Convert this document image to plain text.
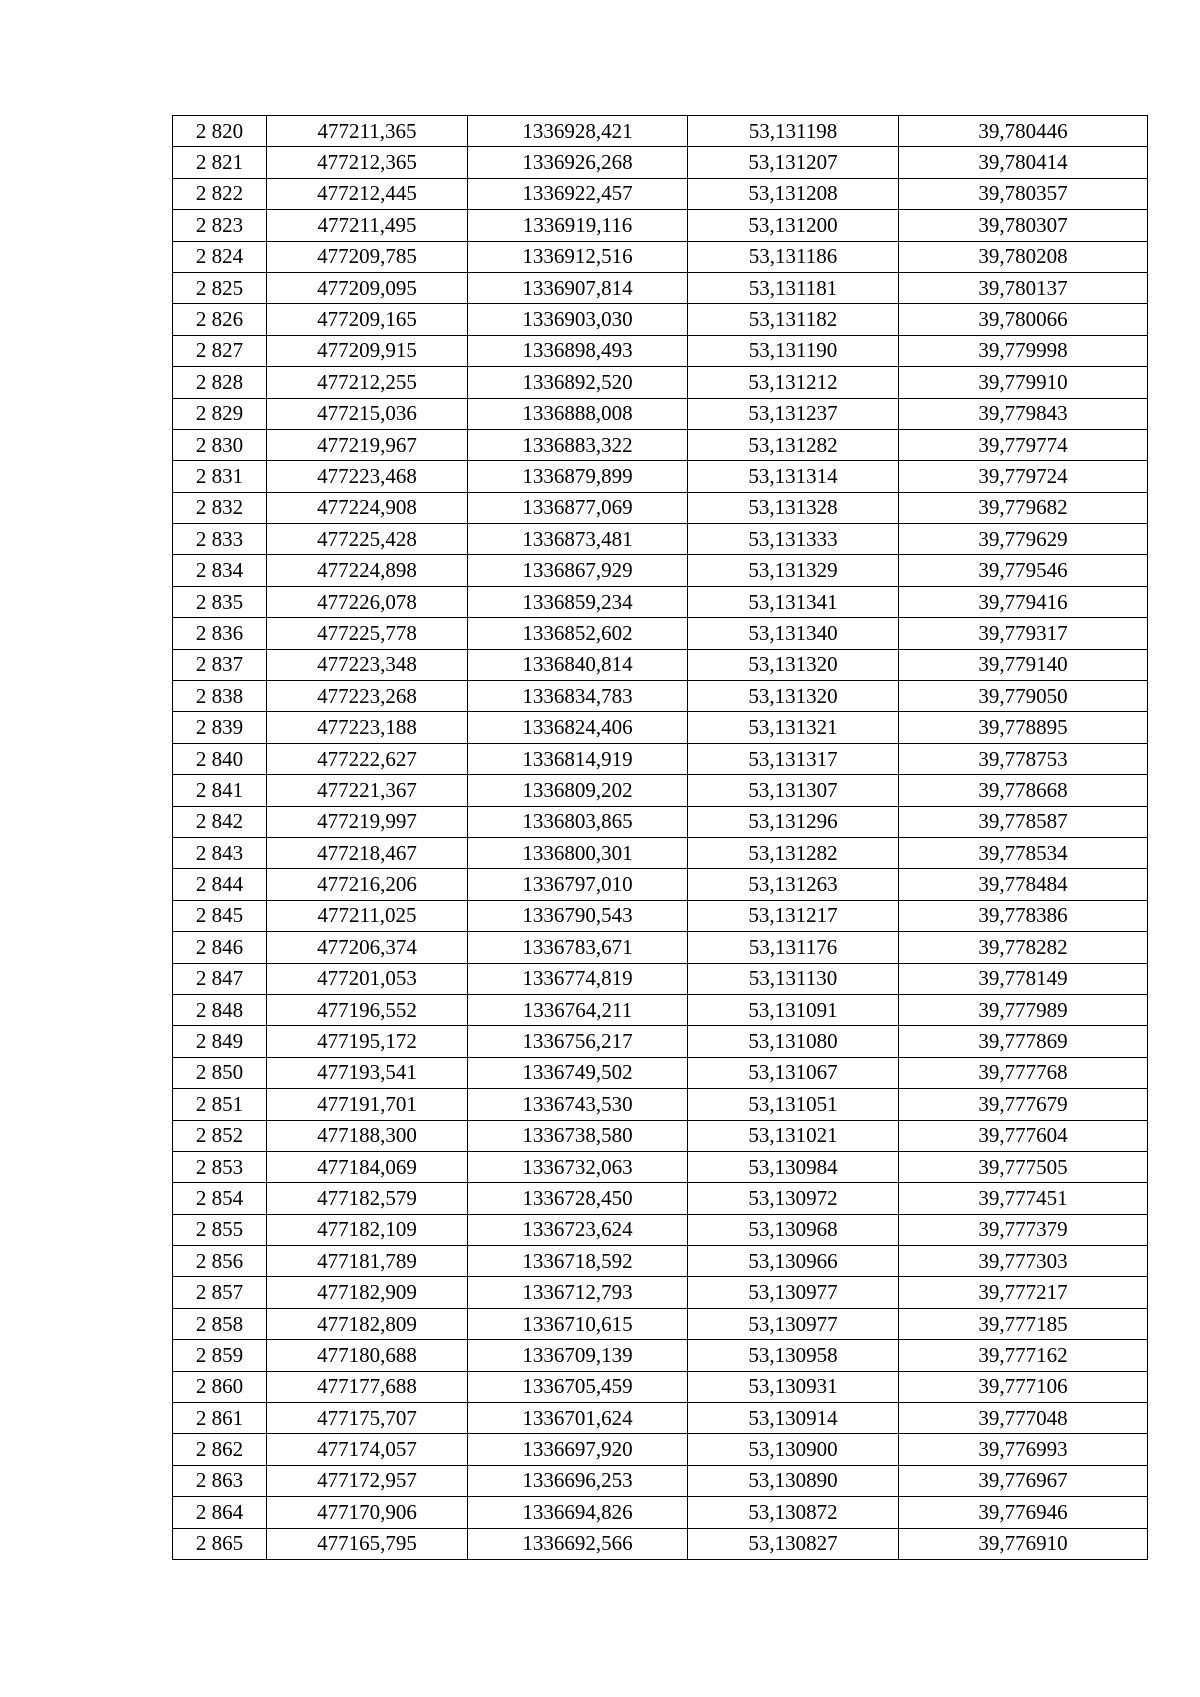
2 820	477211,365	1336928,421	53,131198	39,780446
2 821	477212,365	1336926,268	53,131207	39,780414
2 822	477212,445	1336922,457	53,131208	39,780357
2 823	477211,495	1336919,116	53,131200	39,780307
2 824	477209,785	1336912,516	53,131186	39,780208
2 825	477209,095	1336907,814	53,131181	39,780137
2 826	477209,165	1336903,030	53,131182	39,780066
2 827	477209,915	1336898,493	53,131190	39,779998
2 828	477212,255	1336892,520	53,131212	39,779910
2 829	477215,036	1336888,008	53,131237	39,779843
2 830	477219,967	1336883,322	53,131282	39,779774
2 831	477223,468	1336879,899	53,131314	39,779724
2 832	477224,908	1336877,069	53,131328	39,779682
2 833	477225,428	1336873,481	53,131333	39,779629
2 834	477224,898	1336867,929	53,131329	39,779546
2 835	477226,078	1336859,234	53,131341	39,779416
2 836	477225,778	1336852,602	53,131340	39,779317
2 837	477223,348	1336840,814	53,131320	39,779140
2 838	477223,268	1336834,783	53,131320	39,779050
2 839	477223,188	1336824,406	53,131321	39,778895
2 840	477222,627	1336814,919	53,131317	39,778753
2 841	477221,367	1336809,202	53,131307	39,778668
2 842	477219,997	1336803,865	53,131296	39,778587
2 843	477218,467	1336800,301	53,131282	39,778534
2 844	477216,206	1336797,010	53,131263	39,778484
2 845	477211,025	1336790,543	53,131217	39,778386
2 846	477206,374	1336783,671	53,131176	39,778282
2 847	477201,053	1336774,819	53,131130	39,778149
2 848	477196,552	1336764,211	53,131091	39,777989
2 849	477195,172	1336756,217	53,131080	39,777869
2 850	477193,541	1336749,502	53,131067	39,777768
2 851	477191,701	1336743,530	53,131051	39,777679
2 852	477188,300	1336738,580	53,131021	39,777604
2 853	477184,069	1336732,063	53,130984	39,777505
2 854	477182,579	1336728,450	53,130972	39,777451
2 855	477182,109	1336723,624	53,130968	39,777379
2 856	477181,789	1336718,592	53,130966	39,777303
2 857	477182,909	1336712,793	53,130977	39,777217
2 858	477182,809	1336710,615	53,130977	39,777185
2 859	477180,688	1336709,139	53,130958	39,777162
2 860	477177,688	1336705,459	53,130931	39,777106
2 861	477175,707	1336701,624	53,130914	39,777048
2 862	477174,057	1336697,920	53,130900	39,776993
2 863	477172,957	1336696,253	53,130890	39,776967
2 864	477170,906	1336694,826	53,130872	39,776946
2 865	477165,795	1336692,566	53,130827	39,776910
